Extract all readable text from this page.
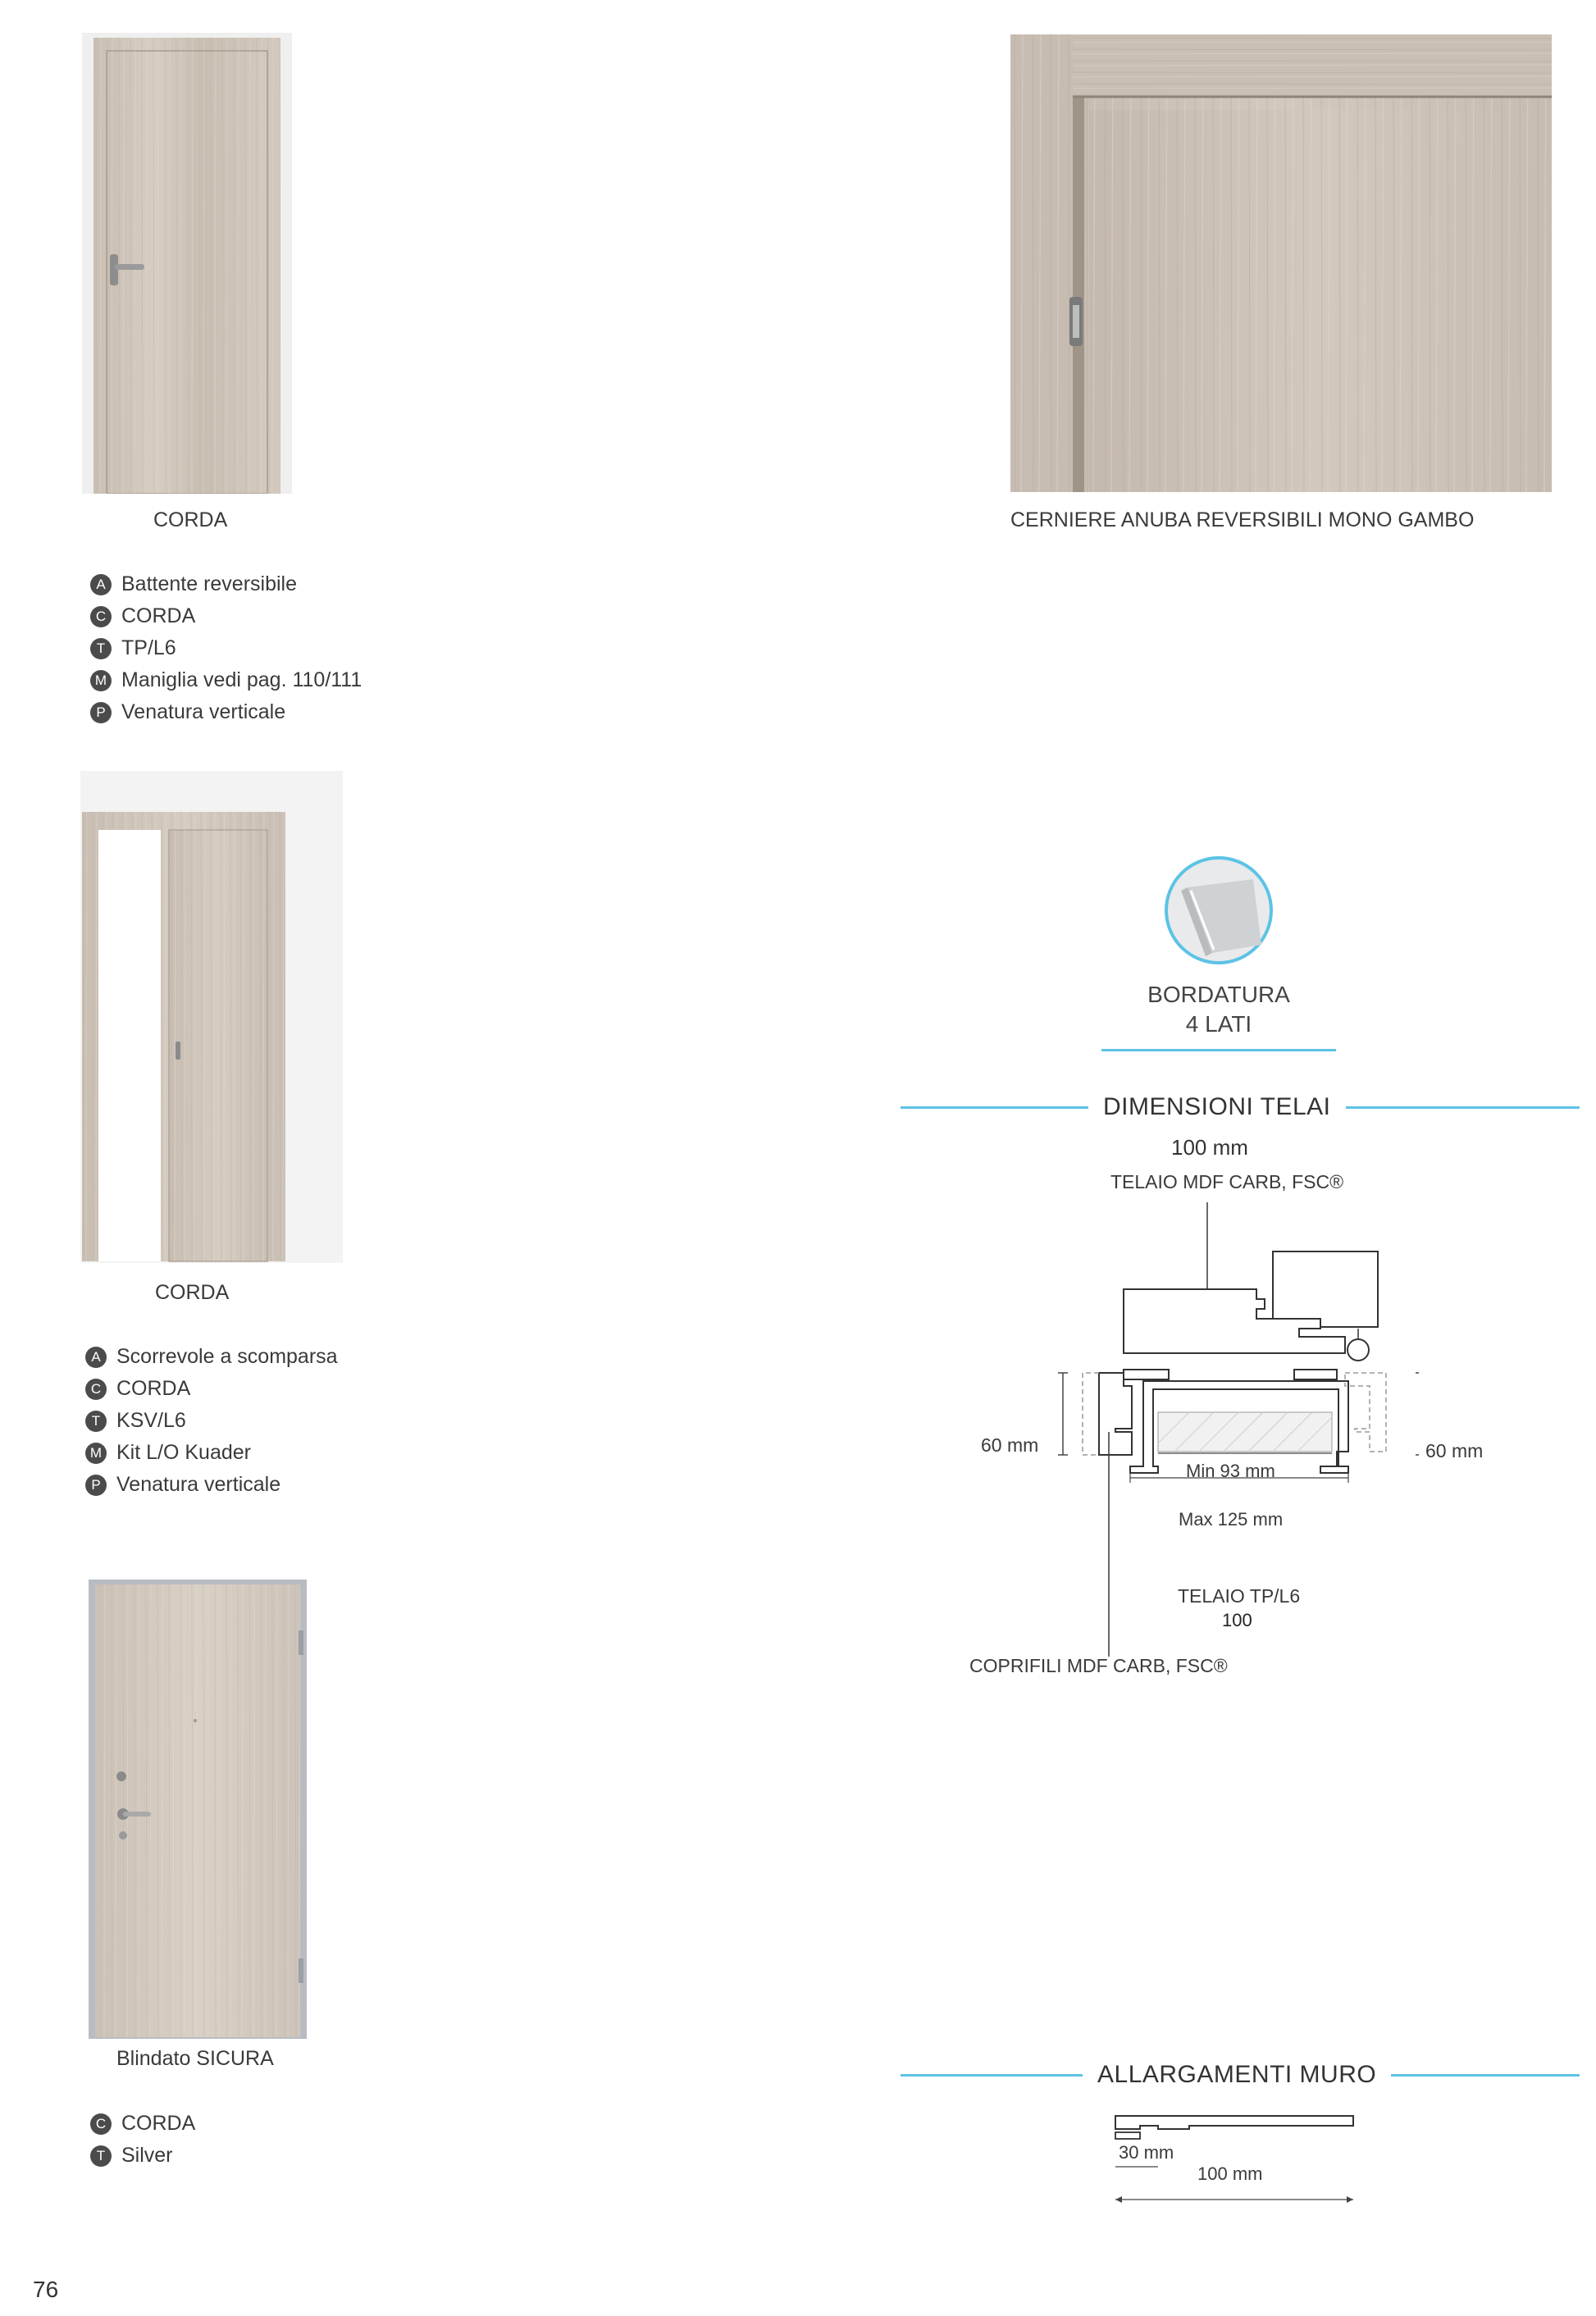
CORDA
A Battente reversibile
C CORDA
T TP/L6
M Maniglia vedi pag. 110/111
P Venatura verticale
CERNIERE ANUBA REVERSIBILI MONO GAMBO
CORDA
A Scorrevole a scomparsa
C CORDA
T KSV/L6
M Kit L/O Kuader
P Venatura verticale
Blindato SICURA
C CORDA
T Silver
BORDATURA
4 LATI
DIMENSIONI TELAI
100 mm
TELAIO MDF CARB, FSC®
60 mm	60 mm
Min 93 mm
Max 125 mm
TELAIO TP/L6
100
COPRIFILI MDF CARB, FSC®
ALLARGAMENTI MURO
30 mm
100 mm
76
